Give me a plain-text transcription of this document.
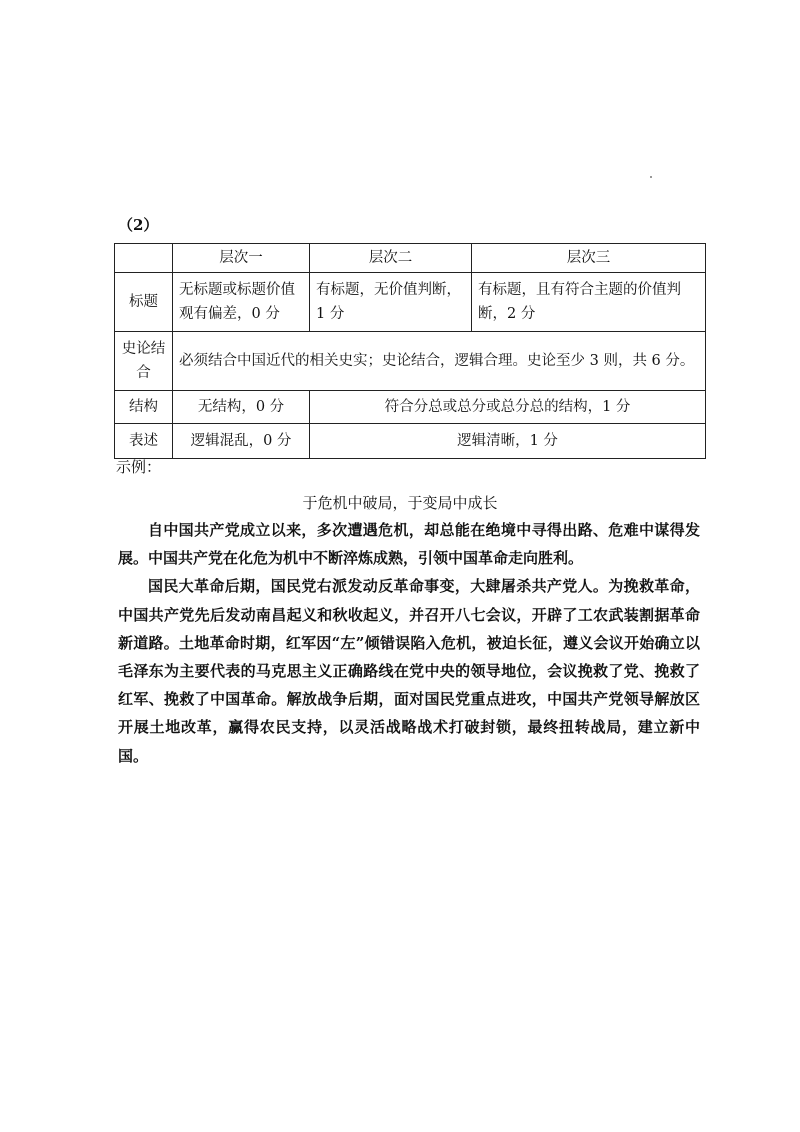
（2）
	层次一	层次二	层次三
标题	无标题或标题价值观有偏差，0 分	有标题，无价值判断，1 分	有标题，且有符合主题的价值判断，2 分
史论结合	必须结合中国近代的相关史实；史论结合，逻辑合理。史论至少 3 则，共 6 分。		
结构	无结构，0 分	符合分总或总分或总分总的结构，1 分	
表述	逻辑混乱，0 分	逻辑清晰，1 分	
示例：
于危机中破局，于变局中成长

自中国共产党成立以来，多次遭遇危机，却总能在绝境中寻得出路、危难中谋得发展。中国共产党在化危为机中不断淬炼成熟，引领中国革命走向胜利。

国民大革命后期，国民党右派发动反革命事变，大肆屠杀共产党人。为挽救革命，中国共产党先后发动南昌起义和秋收起义，并召开八七会议，开辟了工农武装割据革命新道路。土地革命时期，红军因“左”倾错误陷入危机，被迫长征，遵义会议开始确立以毛泽东为主要代表的马克思主义正确路线在党中央的领导地位，会议挽救了党、挽救了红军、挽救了中国革命。解放战争后期，面对国民党重点进攻，中国共产党领导解放区开展土地改革，赢得农民支持，以灵活战略战术打破封锁，最终扭转战局，建立新中国。
